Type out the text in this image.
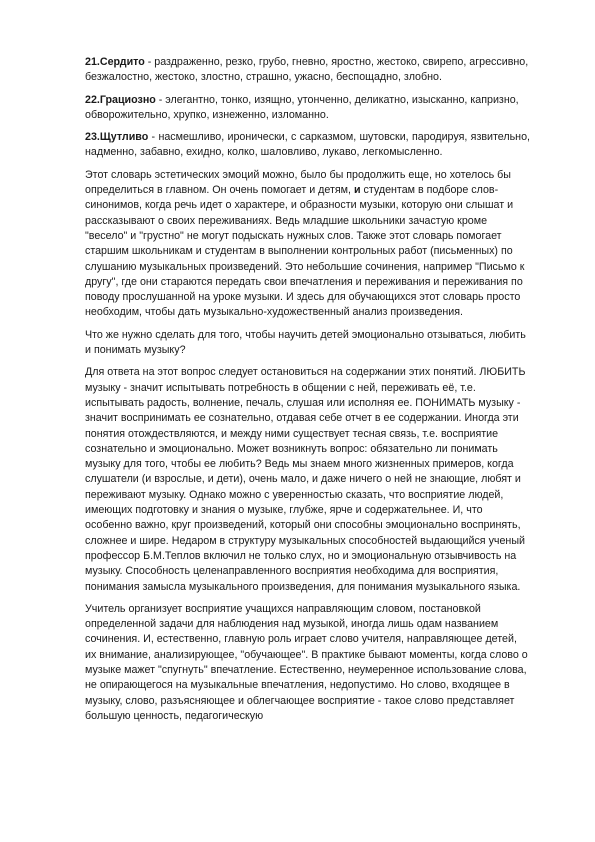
21.Сердито - раздраженно, резко, грубо, гневно, яростно, жестоко, свирепо, агрессивно, безжалостно, жестоко, злостно, страшно, ужасно, беспощадно, злобно.

22.Грациозно - элегантно, тонко, изящно, утонченно, деликатно, изысканно, капризно, обворожительно, хрупко, изнеженно, изломанно.

23.Щутливо - насмешливо, иронически, с сарказмом, шутовски, пародируя, язвительно, надменно, забавно, ехидно, колко, шаловливо, лукаво, легкомысленно.

Этот словарь эстетических эмоций можно, было бы продолжить еще, но хотелось бы определиться в главном. Он очень помогает и детям, и студентам в подборе слов-синонимов, когда речь идет о характере, и образности музыки, которую они слышат и рассказывают о своих переживаниях. Ведь младшие школьники зачастую кроме "весело" и "грустно" не могут подыскать нужных слов. Также этот словарь помогает старшим школьникам и студентам в выполнении контрольных работ (письменных) по слушанию музыкальных произведений. Это небольшие сочинения, например "Письмо к другу", где они стараются передать свои впечатления и переживания и переживания по поводу прослушанной на уроке музыки. И здесь для обучающихся этот словарь просто необходим, чтобы дать музыкально-художественный анализ произведения.

Что же нужно сделать для того, чтобы научить детей эмоционально отзываться, любить и понимать музыку?

Для ответа на этот вопрос следует остановиться на содержании этих понятий. ЛЮБИТЬ музыку - значит испытывать потребность в общении с ней, переживать её, т.е. испытывать радость, волнение, печаль, слушая или исполняя ее. ПОНИМАТЬ музыку - значит воспринимать ее сознательно, отдавая себе отчет в ее содержании. Иногда эти понятия отождествляются, и между ними существует тесная связь, т.е. восприятие сознательно и эмоционально. Может возникнуть вопрос: обязательно ли понимать музыку для того, чтобы ее любить? Ведь мы знаем много жизненных примеров, когда слушатели (и взрослые, и дети), очень мало, и даже ничего о ней не знающие, любят и переживают музыку. Однако можно с уверенностью сказать, что восприятие людей, имеющих подготовку и знания о музыке, глубже, ярче и содержательнее. И, что особенно важно, круг произведений, который они способны эмоционально воспринять, сложнее и шире. Недаром в структуру музыкальных способностей выдающийся ученый профессор Б.М.Теплов включил не только слух, но и эмоциональную отзывчивость на музыку. Способность целенаправленного восприятия необходима для восприятия, понимания замысла музыкального произведения, для понимания музыкального языка.

Учитель организует восприятие учащихся направляющим словом, постановкой определенной задачи для наблюдения над музыкой, иногда лишь одам названием сочинения. И, естественно, главную роль играет слово учителя, направляющее детей, их внимание, анализирующее, "обучающее". В практике бывают моменты, когда слово о музыке мажет "спугнуть" впечатление. Естественно, неумеренное использование слова, не опирающегося на музыкальные впечатления, недопустимо. Но слово, входящее в музыку, слово, разъясняющее и облегчающее восприятие - такое слово представляет большую ценность, педагогическую
